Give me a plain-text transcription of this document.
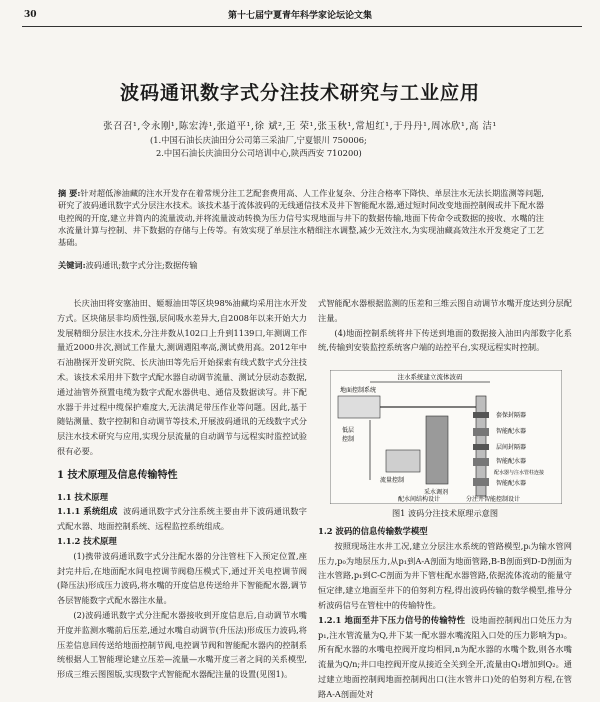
30	第十七届宁夏青年科学家论坛论文集
波码通讯数字式分注技术研究与工业应用
张召召¹,令永刚¹,陈宏涛¹,张道平¹,徐 斌²,王 荣¹,张玉秋¹,常旭红¹,于丹丹¹,周冰欣¹,高 洁¹
(1.中国石油长庆油田分公司第三采油厂,宁夏银川 750006;
2.中国石油长庆油田分公司培训中心,陕西西安 710200)
摘 要:针对超低渗油藏的注水开发存在着常规分注工艺配套费用高、人工作业复杂、分注合格率下降快、单层注水无法长期监测等问题,研究了波码通讯数字式分层注水技术。该技术基于流体波码的无线通信技术及井下智能配水器,通过短时间改变地面控制阀或井下配水器电控阀的开度,建立井筒内的流量波动,并将流量波动转换为压力信号实现地面与井下的数据传输,地面下传命令或数据的接收、水嘴的注水流量计算与控制、井下数据的存储与上传等。有效实现了单层注水精细注水调整,减少无效注水,为实现油藏高效注水开发奠定了工艺基础。
关键词:波码通讯;数字式分注;数据传输

长庆油田将安塞油田、姬塬油田等区块98%油藏均采用注水开发方式。区块储层非均质性强,层间吸水差异大,自2008年以来开始大力发展精细分层注水技术,分注井数从102口上升到1139口,年测调工作量近2000井次,测试工作量大,测调遇阻率高,测试费用高。2012年中石油勘探开发研究院、长庆油田等先后开始探索有线式数字式分注技术。该技术采用井下数字式配水器自动调节流量、测试分层动态数据,通过油管外预置电缆为数字式配水器供电、通信及数据读写。井下配水器于井过程中缆保护难度大,无法满足带压作业等问题。因此,基于随钻测量、数字控制和自动调节等技术,开展波码通讯的无线数字式分层注水技术研究与应用,实现分层流量的自动调节与远程实时监控试验很有必要。

1 技术原理及信息传输特性

1.1 技术原理

1.1.1 系统组成 波码通讯数字式分注系统主要由井下波码通讯数字式配水器、地面控制系统、远程监控系统组成。

1.1.2 技术原理

(1)携带波码通讯数字式分注配水器的分注管柱下入预定位置,座封完井后,在地面配水间电控调节阀稳压模式下,通过开关电控调节阀(降压法)形成压力波码,将水嘴的开度信息传送给井下智能配水器,调节各层智能数字式配水器注水量。

(2)波码通讯数字式分注配水器接收到开度信息后,自动调节水嘴开度并监测水嘴前后压差,通过水嘴自动调节(升压法)形成压力波码,将压差信息回传送给地面控制节阀,电控调节阀和智能配水器内的控制系统根据人工智能理论建立压差—流量—水嘴开度三者之间的关系模型,形成三维云图图版,实现数字式智能配水器配注量的设置(见图1)。

式智能配水器根据监测的压差和三维云图自动调节水嘴开度达到分层配注量。

(4)地面控制系统将井下传送到地面的数据接入油田内部数字化系统,传输到安装监控系统客户端的站控平台,实现远程实时控制。

注水系统建立流体波码
地面控制系统
低层
控制
流量控制
采水调剂
配水间结构设计
套保封隔器
智能配水器
层间封隔器
智能配水器
配水器与注水管柱连接
智能配水器
分注井智能控制设计
图1 波码分注技术原理示意图

1.2 波码的信息传输数学模型

按照现场注水井工况,建立分层注水系统的管路模型,pᵢ为输水管网压力,p₀为地层压力,从p₁到A-A剖面为地面管路,B-B剖面到D-D剖面为注水管路,p₁到C-C剖面为井下管柱配水器管路,依据流体流动的能量守恒定律,建立地面至井下的伯努利方程,得出波码传输的数学模型,推导分析波码信号在管柱中的传输特性。

1.2.1 地面至井下压力信号的传输特性 设地面控制阀出口处压力为p₁,注水管流量为Q,井下某一配水器水嘴流阻入口处的压力影响为p₃。所有配水器的水嘴电控阀开度均相同,n为配水器的水嘴个数,则各水嘴流量为Q/n;井口电控阀开度从接近全关到全开,流量由Q₁增加到Q₂。通过建立地面控制阀地面控制阀出口(注水管井口)处的伯努利方程,在管路A-A剖面处对
